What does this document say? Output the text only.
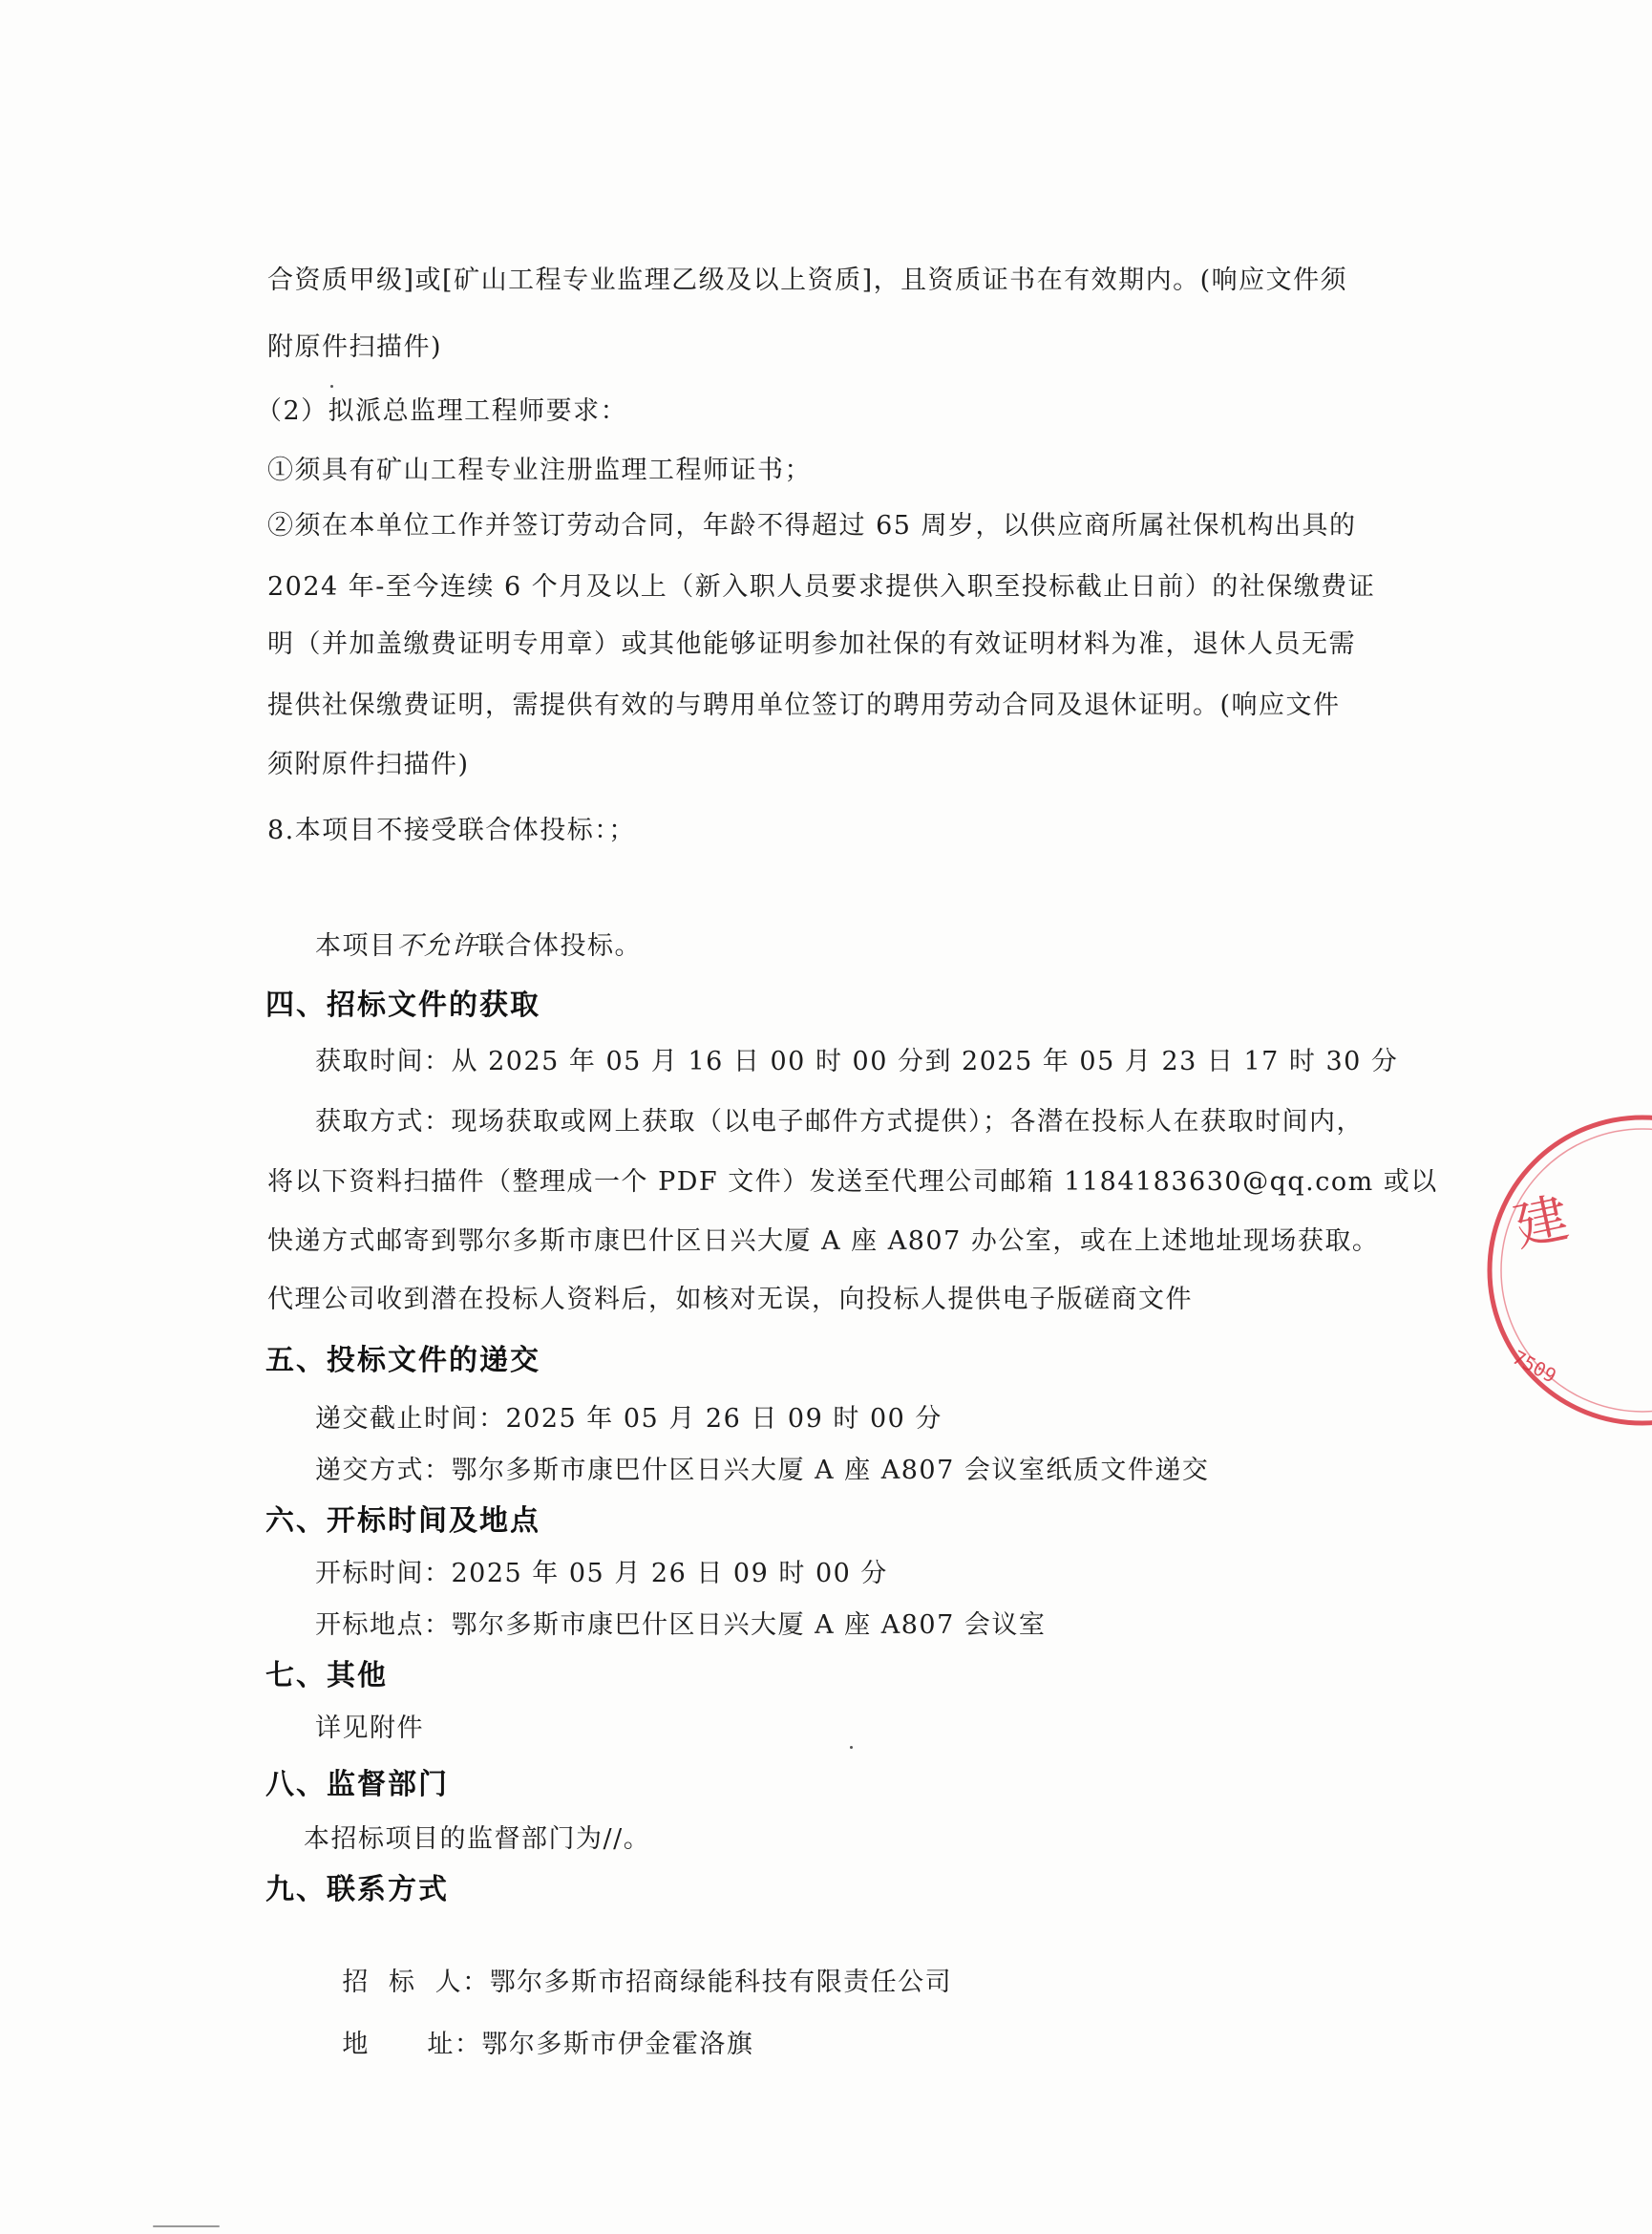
合资质甲级]或[矿山工程专业监理乙级及以上资质]，且资质证书在有效期内。(响应文件须
附原件扫描件)
（2）拟派总监理工程师要求：
①须具有矿山工程专业注册监理工程师证书；
②须在本单位工作并签订劳动合同，年龄不得超过 65 周岁，以供应商所属社保机构出具的
2024 年-至今连续 6 个月及以上（新入职人员要求提供入职至投标截止日前）的社保缴费证
明（并加盖缴费证明专用章）或其他能够证明参加社保的有效证明材料为准，退休人员无需
提供社保缴费证明，需提供有效的与聘用单位签订的聘用劳动合同及退休证明。(响应文件
须附原件扫描件)
8.本项目不接受联合体投标：；
本项目不允许联合体投标。
四、招标文件的获取
获取时间：从 2025 年 05 月 16 日 00 时 00 分到 2025 年 05 月 23 日 17 时 30 分
获取方式：现场获取或网上获取（以电子邮件方式提供）；各潜在投标人在获取时间内，
将以下资料扫描件（整理成一个 PDF 文件）发送至代理公司邮箱 1184183630@qq.com 或以
快递方式邮寄到鄂尔多斯市康巴什区日兴大厦 A 座 A807 办公室，或在上述地址现场获取。
代理公司收到潜在投标人资料后，如核对无误，向投标人提供电子版磋商文件
五、投标文件的递交
递交截止时间：2025 年 05 月 26 日 09 时 00 分
递交方式：鄂尔多斯市康巴什区日兴大厦 A 座 A807 会议室纸质文件递交
六、开标时间及地点
开标时间：2025 年 05 月 26 日 09 时 00 分
开标地点：鄂尔多斯市康巴什区日兴大厦 A 座 A807 会议室
七、其他
详见附件
八、监督部门
本招标项目的监督部门为//。
九、联系方式

招  标  人：鄂尔多斯市招商绿能科技有限责任公司

地      址：鄂尔多斯市伊金霍洛旗

建
7509
